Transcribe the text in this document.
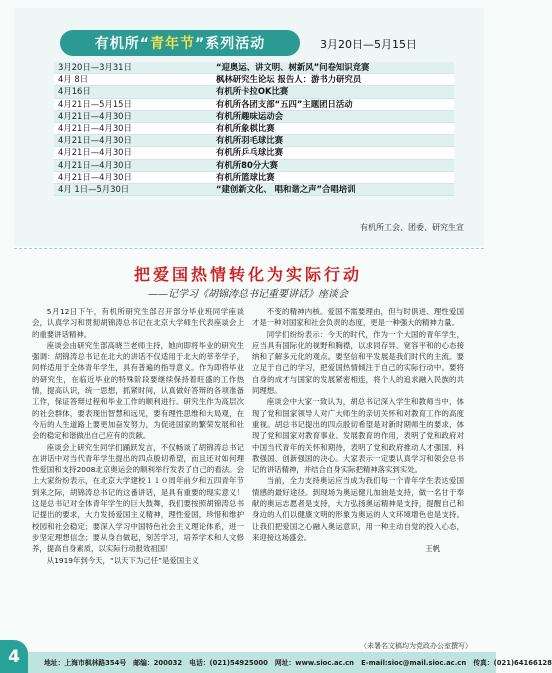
有机所“ 青年节 ”系列活动	3月20日—5月15日
3月20日—3月31日	“迎奥运、讲文明、树新风”问卷知识竞赛
4月 8日	枫林研究生论坛 报告人：游书力研究员
4月16日	有机所卡拉OK比赛
4月21日—5月15日	有机所各团支部“五四”主题团日活动
4月21日—4月30日	有机所趣味运动会
4月21日—4月30日	有机所象棋比赛
4月21日—4月30日	有机所羽毛球比赛
4月21日—4月30日	有机所乒乓球比赛
4月21日—4月30日	有机所80分大赛
4月21日—4月30日	有机所篮球比赛
4月 1日—5月30日	“建创新文化、 唱和谐之声”合唱培训
有机所工会、团委、研究生宣
把爱国热情转化为实际行动
——记学习《胡锦涛总书记重要讲话》座谈会

5月12日下午，有机所研究生部召开部分毕业班同学座谈会，认真学习和贯彻胡锦涛总书记在北京大学师生代表座谈会上的重要讲话精神。

座谈会由研究生部高晓兰老师主持，她向即将毕业的研究生强调：胡锦涛总书记在北大的讲话不仅适用于北大的莘莘学子，同样适用于全体青年学生，具有普遍的指导意义。作为即将毕业的研究生，在临近毕业的特殊阶段要继续保持着旺盛的工作热情，提高认识，统一思想，抓紧时间，认真做好答辩的各项准备工作，保证答辩过程和毕业工作的顺利进行。研究生作为高层次的社会群体，要表现出智慧和远见，要有理性思维和大局观，在今后的人生道路上要更加奋发努力，为促进国家的繁荣发展和社会的稳定和谐做出自己应有的贡献。

座谈会上研究生同学们踊跃发言，不仅畅谈了胡锦涛总书记在讲话中对当代青年学生提出的四点殷切希望，而且还对如何理性爱国和支持2008北京奥运会的顺利举行发表了自己的看法。会上大家纷纷表示，在北京大学建校１１０周年前夕和五四青年节到来之际，胡锦涛总书记的这番讲话，是具有重要的现实意义！这是总书记对全体青年学生的巨大鼓舞，我们要按照胡锦涛总书记提出的要求，大力发扬爱国主义精神，理性爱国，珍惜和维护校园和社会稳定；要深入学习中国特色社会主义理论体系，进一步坚定理想信念；要从身自做起，刻苦学习，培养学术和人文修养，提高自身素质，以实际行动报效祖国！

从1919年到今天，“以天下为己任”是爱国主义

不变的精神内核。爱国不需要理由，但与时俱进、理性爱国才是一种对国家和社会负责的态度，更是一种强大的精神力量。

同学们纷纷表示：今天的时代，作为一个大国的青年学生，应当具有国际化的视野和胸襟，以求同存异、宽容平和的心态接纳和了解多元化的观点。要坚信和平发展是我们时代的主流。要立足于自己的学习，把爱国热情倾注于自己的实际行动中。要将自身的成才与国家的发展紧密相连，将个人的追求融入民族的共同理想。

座谈会中大家一致认为，胡总书记深入学生和教师当中，体现了党和国家领导人对广大师生的亲切关怀和对教育工作的高度重视。胡总书记提出的四点殷切希望是对新时期师生的要求，体现了党和国家对教育事业、发展教育的作用，表明了党和政府对中国当代青年的关怀和期待，表明了党和政府推动人才强国、科教强国、创新强国的决心。大家表示一定要认真学习和领会总书记的讲话精神，并结合自身实际把精神落实到实处。

当前，全力支持奥运应当成为我们每一个青年学生表达爱国情感的最好途径。到现场为奥运健儿加油是支持，做一名甘于奉献的奥运志愿者是支持，大力弘扬奥运精神是支持，提醒自己和身边的人们以健康文明的形象为奥运的人文环境增色也是支持。让我们把爱国之心融入奥运意识，用一种主动自觉的投入心态，来迎接这场盛会。

王帆

（未署名文稿均为党政办公室撰写）
4	地址：上海市枫林路354号 邮编：200032 电话：(021)54925000 网址：www.sioc.ac.cn E-mail:sioc@mail.sioc.ac.cn 传真：(021)64166128
